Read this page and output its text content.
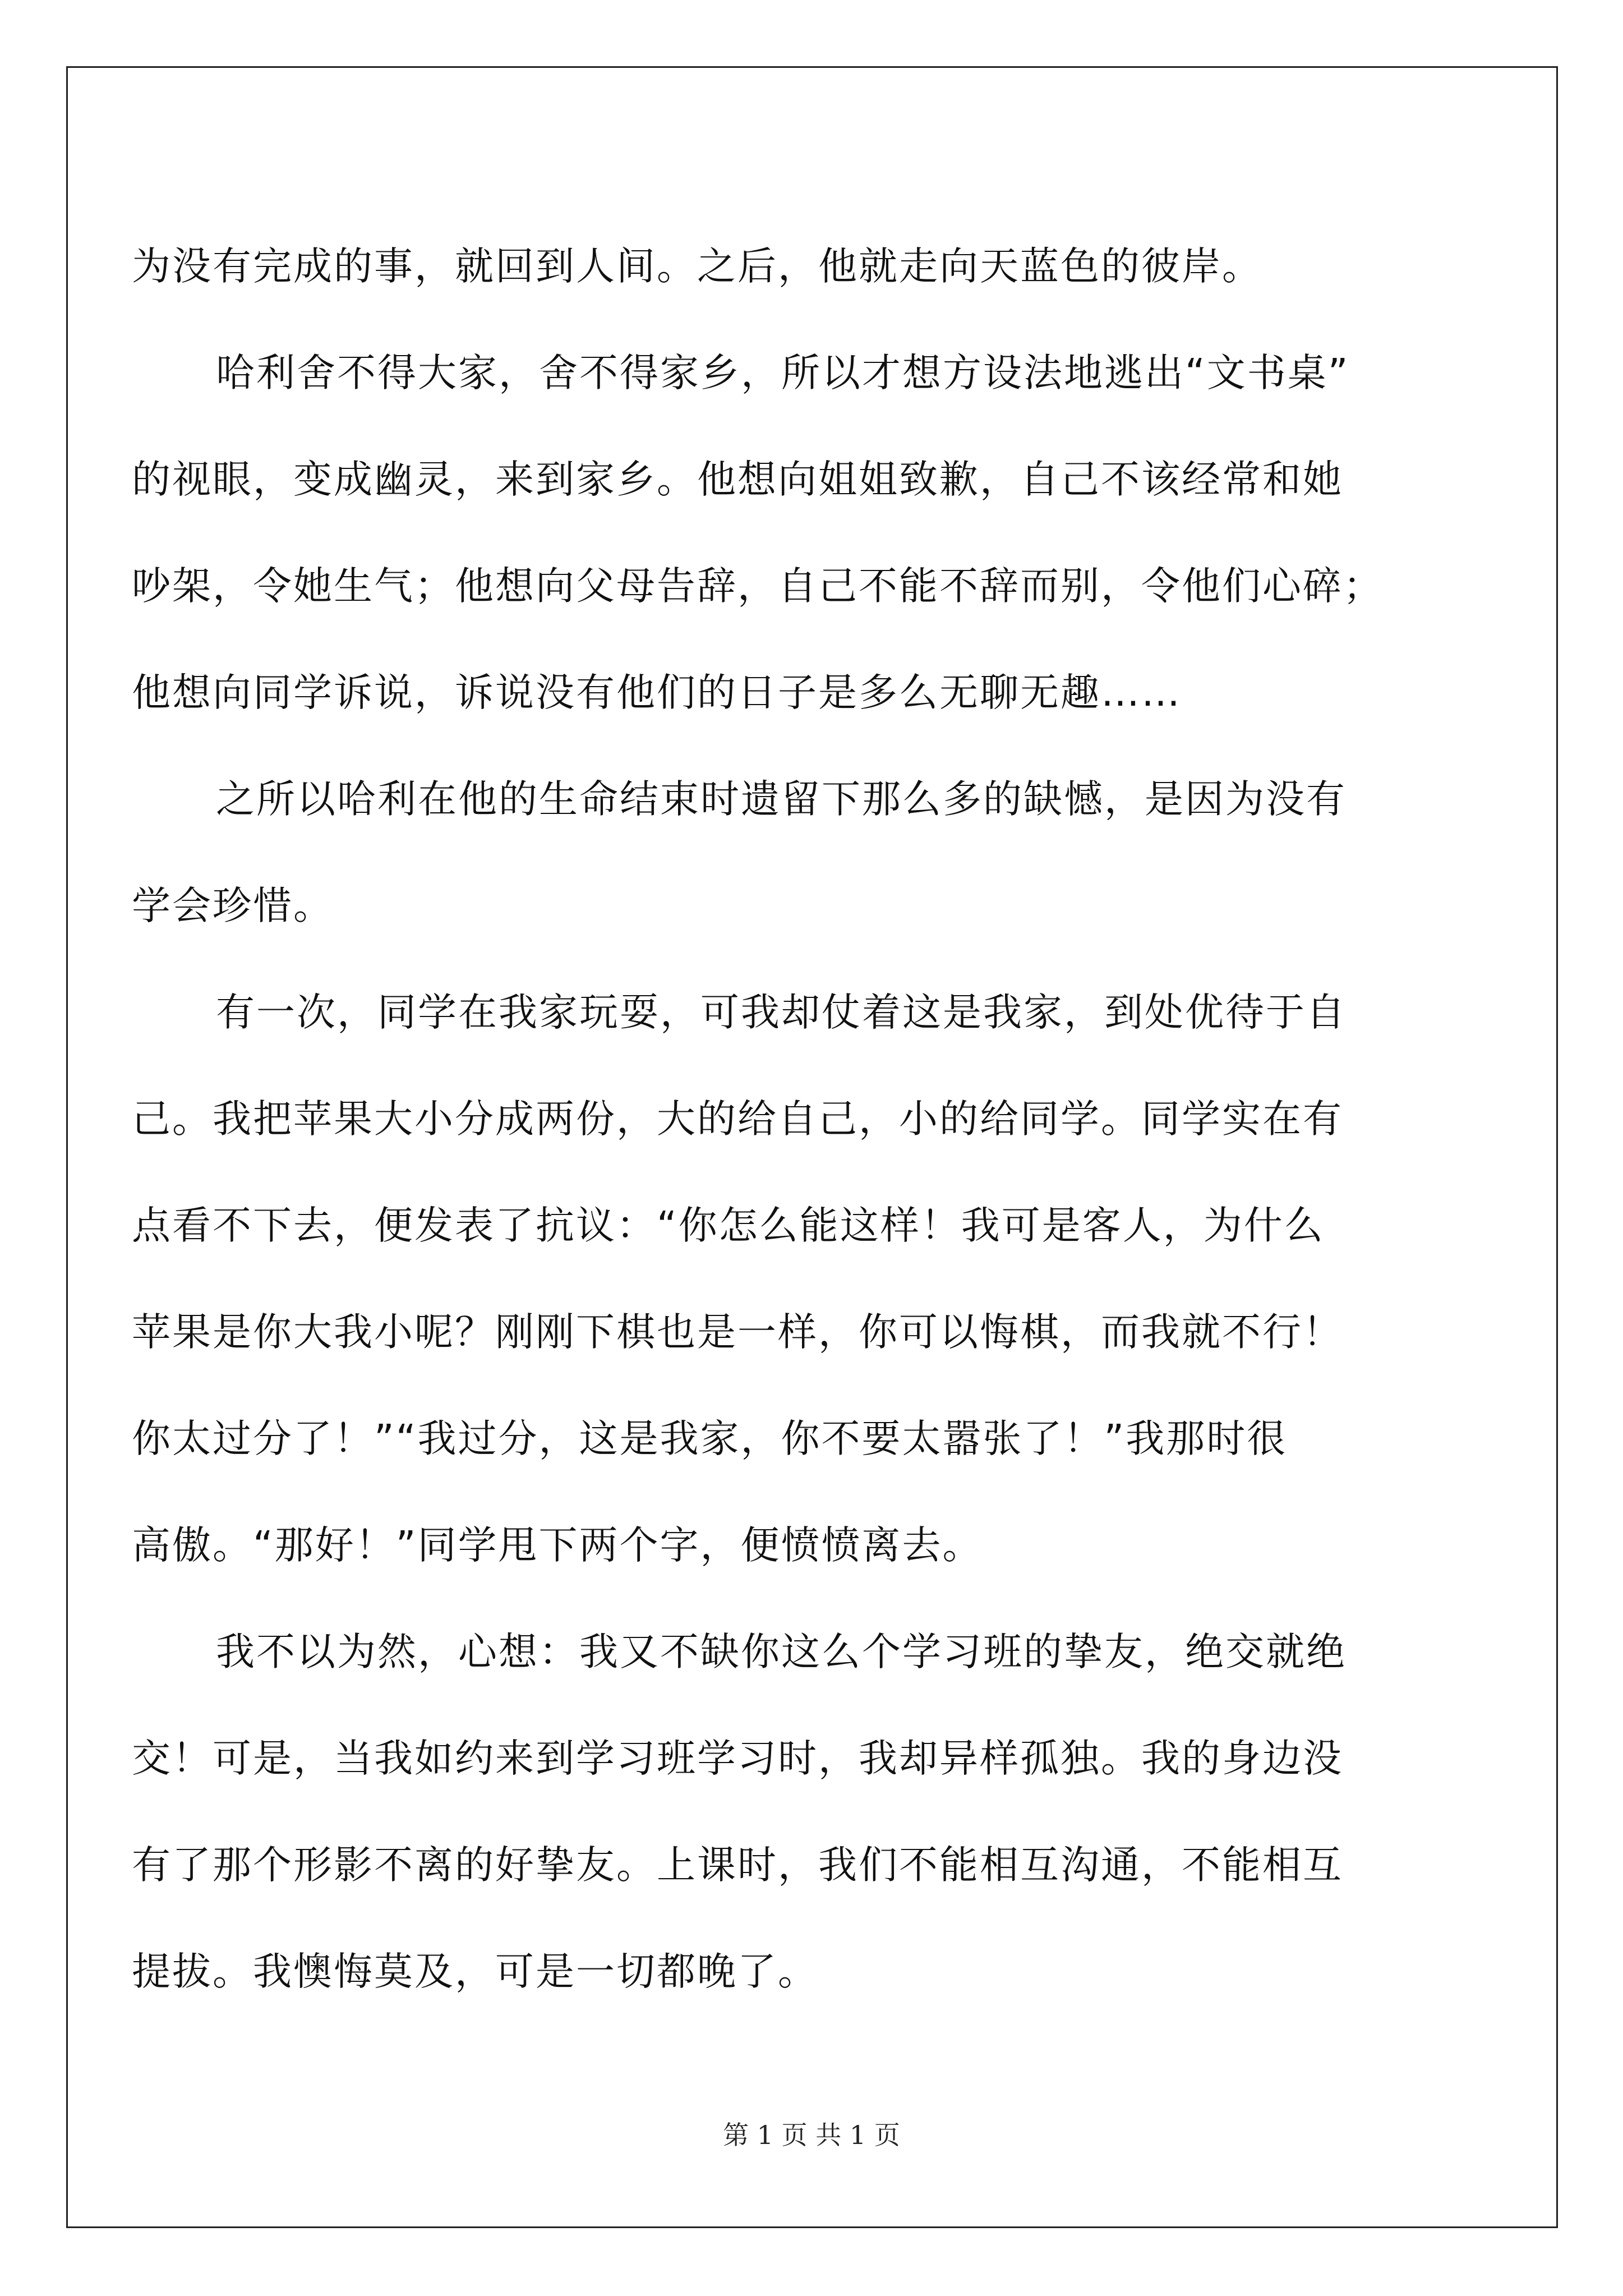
为没有完成的事，就回到人间。之后，他就走向天蓝色的彼岸。
哈利舍不得大家，舍不得家乡，所以才想方设法地逃出“文书桌”
的视眼，变成幽灵，来到家乡。他想向姐姐致歉，自己不该经常和她
吵架，令她生气；他想向父母告辞，自己不能不辞而别，令他们心碎；
他想向同学诉说，诉说没有他们的日子是多么无聊无趣……
之所以哈利在他的生命结束时遗留下那么多的缺憾，是因为没有
学会珍惜。
有一次，同学在我家玩耍，可我却仗着这是我家，到处优待于自
己。我把苹果大小分成两份，大的给自己，小的给同学。同学实在有
点看不下去，便发表了抗议：“你怎么能这样！我可是客人，为什么
苹果是你大我小呢？刚刚下棋也是一样，你可以悔棋，而我就不行！
你太过分了！”“我过分，这是我家，你不要太嚣张了！”我那时很
高傲。“那好！”同学甩下两个字，便愤愤离去。
我不以为然，心想：我又不缺你这么个学习班的挚友，绝交就绝
交！可是，当我如约来到学习班学习时，我却异样孤独。我的身边没
有了那个形影不离的好挚友。上课时，我们不能相互沟通，不能相互
提拔。我懊悔莫及，可是一切都晚了。
第 1 页 共 1 页
